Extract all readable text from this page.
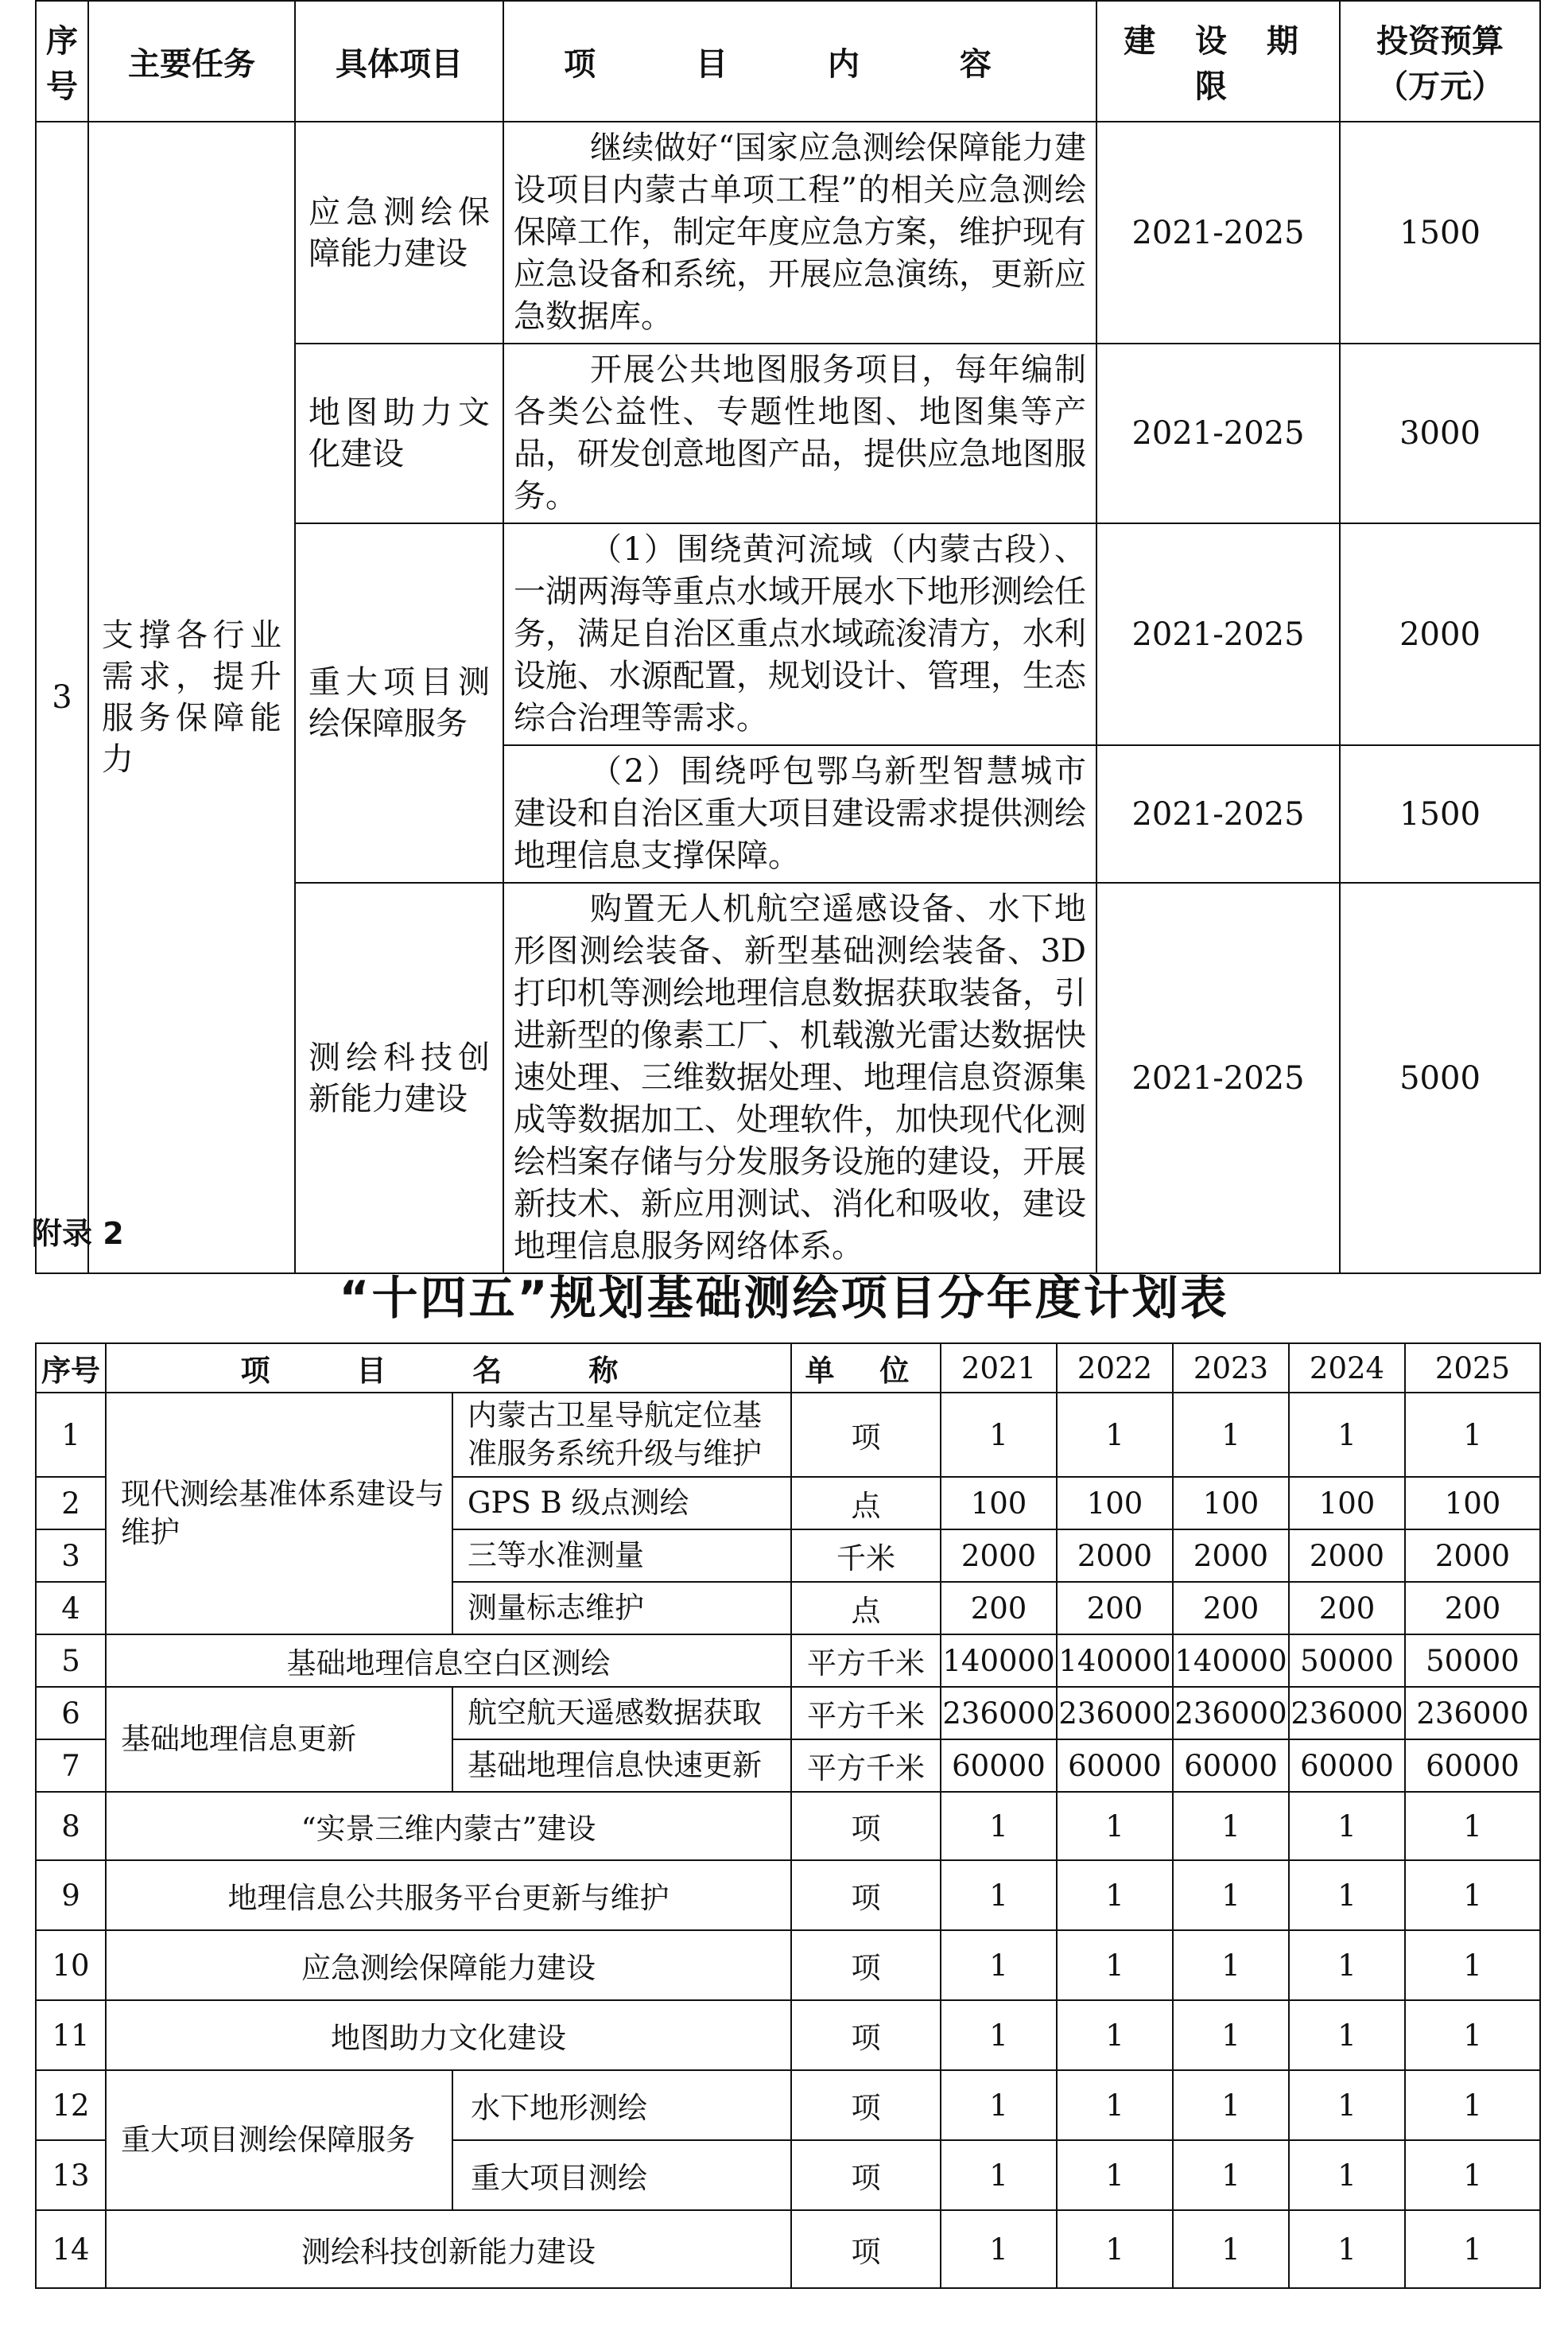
序号	主要任务	具体项目	项 目 内 容	建 设 期 限	投资预算
（万元）

3	支撑各行业需求，提升服务保障能力	应急测绘保障能力建设	继续做好“国家应急测绘保障能力建设项目内蒙古单项工程”的相关应急测绘保障工作，制定年度应急方案，维护现有应急设备和系统，开展应急演练，更新应急数据库。	2021-2025	1500
		地图助力文化建设	开展公共地图服务项目，每年编制各类公益性、专题性地图、地图集等产品，研发创意地图产品，提供应急地图服务。	2021-2025	3000
		重大项目测绘保障服务	（1）围绕黄河流域（内蒙古段）、一湖两海等重点水域开展水下地形测绘任务，满足自治区重点水域疏浚清方，水利设施、水源配置，规划设计、管理，生态综合治理等需求。	2021-2025	2000
			（2）围绕呼包鄂乌新型智慧城市建设和自治区重大项目建设需求提供测绘地理信息支撑保障。	2021-2025	1500
		测绘科技创新能力建设	购置无人机航空遥感设备、水下地形图测绘装备、新型基础测绘装备、3D打印机等测绘地理信息数据获取装备，引进新型的像素工厂、机载激光雷达数据快速处理、三维数据处理、地理信息资源集成等数据加工、处理软件，加快现代化测绘档案存储与分发服务设施的建设，开展新技术、新应用测试、消化和吸收，建设地理信息服务网络体系。	2021-2025	5000
附录 2
“十四五”规划基础测绘项目分年度计划表
序号	项 目 名 称		单 位	2021	2022	2023	2024	2025
1	现代测绘基准体系建设与维护	内蒙古卫星导航定位基准服务系统升级与维护	项	1	1	1	1	1
2		GPS B 级点测绘	点	100	100	100	100	100
3		三等水准测量	千米	2000	2000	2000	2000	2000
4		测量标志维护	点	200	200	200	200	200
5	基础地理信息空白区测绘		平方千米	140000	140000	140000	50000	50000
6	基础地理信息更新	航空航天遥感数据获取	平方千米	236000	236000	236000	236000	236000
7		基础地理信息快速更新	平方千米	60000	60000	60000	60000	60000
8	“实景三维内蒙古”建设		项	1	1	1	1	1
9	地理信息公共服务平台更新与维护		项	1	1	1	1	1
10	应急测绘保障能力建设		项	1	1	1	1	1
11	地图助力文化建设		项	1	1	1	1	1
12	重大项目测绘保障服务	水下地形测绘	项	1	1	1	1	1
13		重大项目测绘	项	1	1	1	1	1
14	测绘科技创新能力建设		项	1	1	1	1	1
